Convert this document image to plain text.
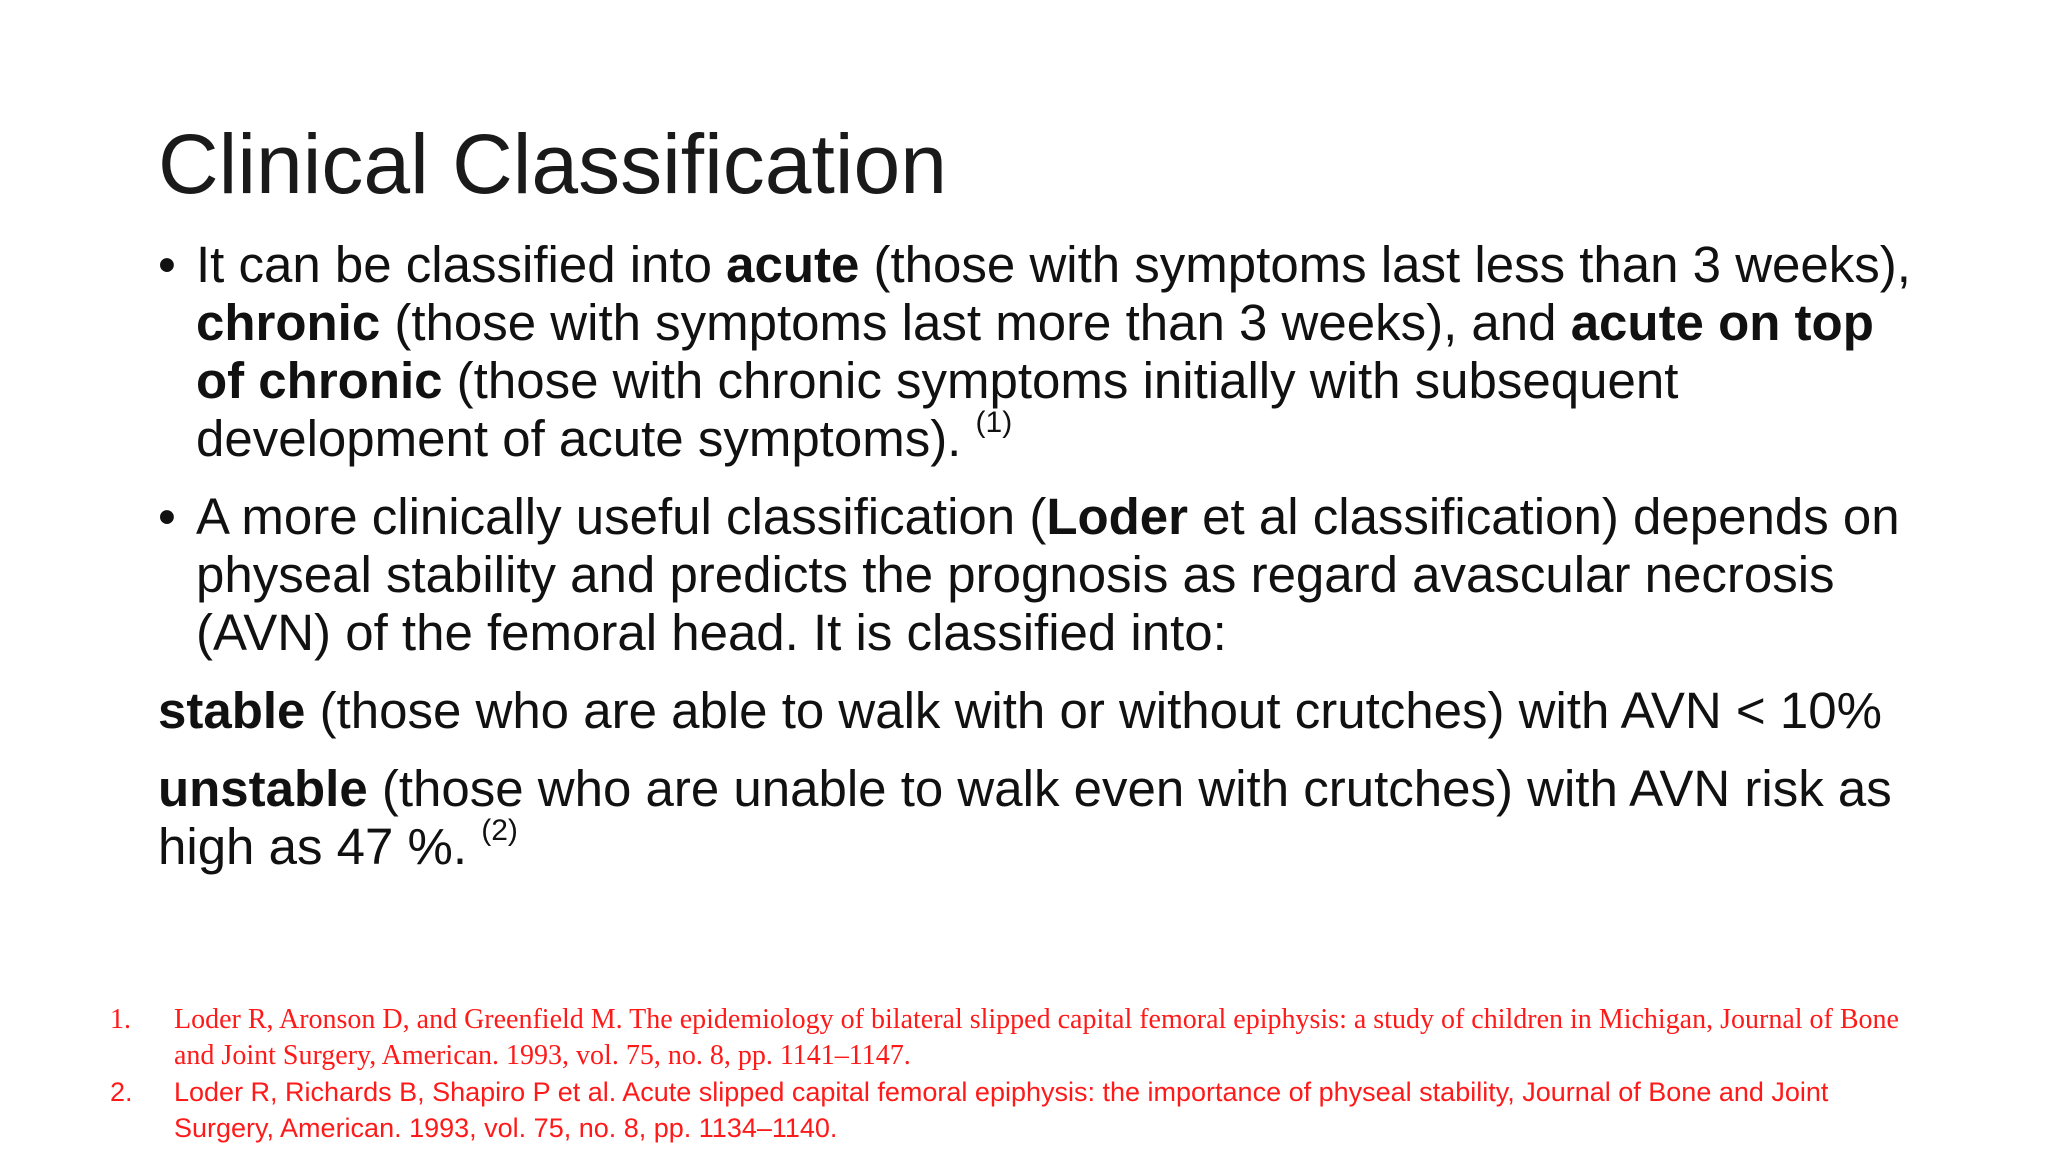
Clinical Classification
• It can be classified into acute (those with symptoms last less than 3 weeks), chronic (those with symptoms last more than 3 weeks), and acute on top of chronic (those with chronic symptoms initially with subsequent development of acute symptoms). $^{(1)}$
• A more clinically useful classification (Loder et al classification) depends on physeal stability and predicts the prognosis as regard avascular necrosis (AVN) of the femoral head. It is classified into:
stable (those who are able to walk with or without crutches) with AVN < 10%
unstable (those who are unable to walk even with crutches) with AVN risk as high as 47 %. $^{(2)}$
1. Loder R, Aronson D, and Greenfield M. The epidemiology of bilateral slipped capital femoral epiphysis: a study of children in Michigan, Journal of Bone and Joint Surgery, American. 1993, vol. 75, no. 8, pp. 1141–1147.
2. Loder R, Richards B, Shapiro P et al. Acute slipped capital femoral epiphysis: the importance of physeal stability, Journal of Bone and Joint Surgery, American. 1993, vol. 75, no. 8, pp. 1134–1140.
